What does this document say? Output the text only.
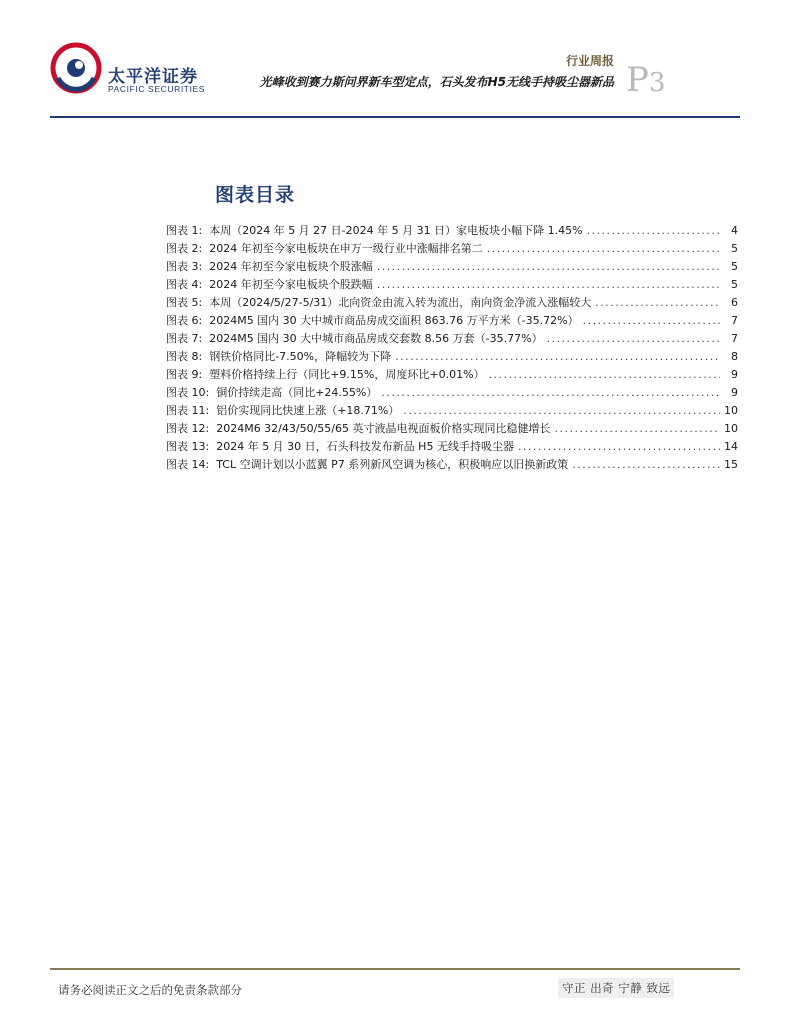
太平洋证券
PACIFIC SECURITIES
行业周报
光峰收到赛力斯问界新车型定点，石头发布H5无线手持吸尘器新品 P3
图表目录
图表 1:
本周（2024 年 5 月 27 日-2024 年 5 月 31 日）家电板块小幅下降 1.45% . . .	4
图表 2:
2024 年初至今家电板块在申万一级行业中涨幅排名第二 . . .	5
图表 3:
2024 年初至今家电板块个股涨幅 . . .	5
图表 4:
2024 年初至今家电板块个股跌幅 . . .	5
图表 5:
本周（2024/5/27-5/31）北向资金由流入转为流出，南向资金净流入涨幅较大 . . .	6
图表 6:
2024M5 国内 30 大中城市商品房成交面积 863.76 万平方米（-35.72%） . . .	7
图表 7:
2024M5 国内 30 大中城市商品房成交套数 8.56 万套（-35.77%） . . .	7
图表 8:
钢铁价格同比-7.50%，降幅较为下降 . . .	8
图表 9:
塑料价格持续上行（同比+9.15%，周度环比+0.01%） . . .	9
图表 10:
铜价持续走高（同比+24.55%） . . .	9
图表 11:
铝价实现同比快速上涨（+18.71%） . . .	10
图表 12:
2024M6 32/43/50/55/65 英寸液晶电视面板价格实现同比稳健增长 . . .	10
图表 13:
2024 年 5 月 30 日，石头科技发布新品 H5 无线手持吸尘器 . . .	14
图表 14:
TCL 空调计划以小蓝翼 P7 系列新风空调为核心，积极响应以旧换新政策 . . .	15
请务必阅读正文之后的免责条款部分	守正 出奇 宁静 致远
